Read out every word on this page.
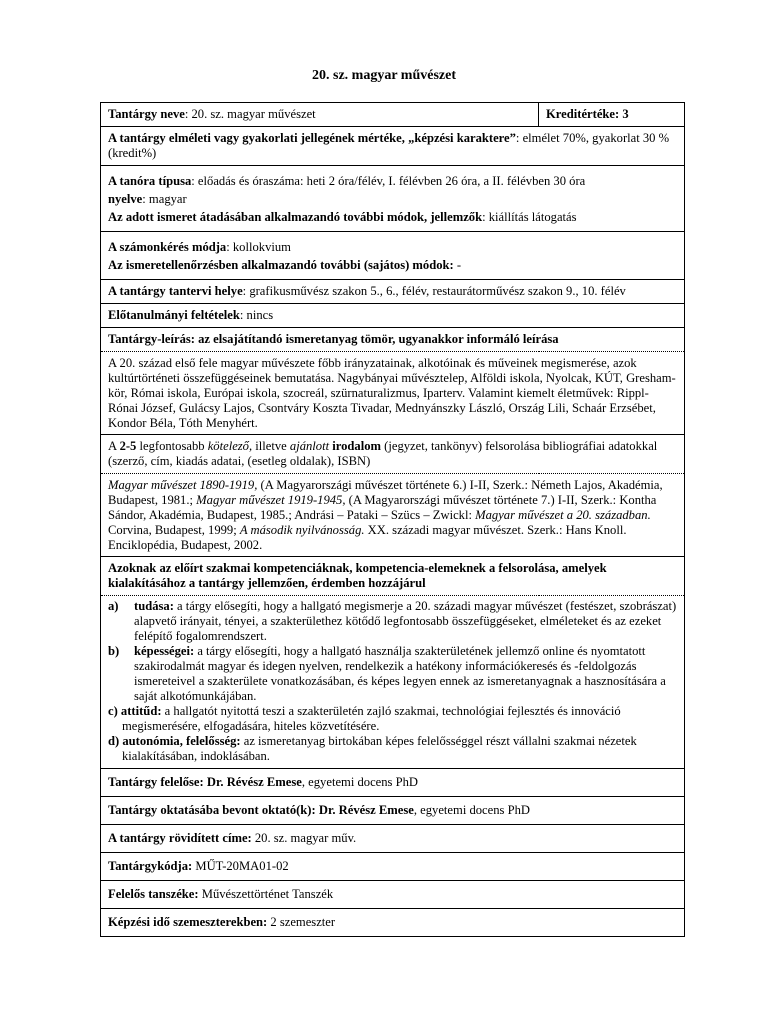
20. sz. magyar művészet
Tantárgy neve: 20. sz. magyar művészet	Kreditértéke: 3
A tantárgy elméleti vagy gyakorlati jellegének mértéke, „képzési karaktere”: elmélet 70%, gyakorlat 30 % (kredit%)

A tanóra típusa: előadás és óraszáma: heti 2 óra/félév, I. félévben 26 óra, a II. félévben 30 óra
nyelve: magyar
Az adott ismeret átadásában alkalmazandó további módok, jellemzők: kiállítás látogatás

A számonkérés módja: kollokvium
Az ismeretellenőrzésben alkalmazandó további (sajátos) módok: -

A tantárgy tantervi helye: grafikusművész szakon 5., 6., félév, restaurátorművész szakon 9., 10. félév
Előtanulmányi feltételek: nincs
Tantárgy-leírás: az elsajátítandó ismeretanyag tömör, ugyanakkor informáló leírása
A 20. század első fele magyar művészete főbb irányzatainak, alkotóinak és műveinek megismerése, azok kultúrtörténeti összefüggéseinek bemutatása. Nagybányai művésztelep, Alföldi iskola, Nyolcak, KÚT, Gresham-kör, Római iskola, Európai iskola, szocreál, szürnaturalizmus, Iparterv. Valamint kiemelt életművek: Rippl-Rónai József, Gulácsy Lajos, Csontváry Koszta Tivadar, Mednyánszky László, Ország Lili, Schaár Erzsébet, Kondor Béla, Tóth Menyhért.
A 2-5 legfontosabb kötelező, illetve ajánlott irodalom (jegyzet, tankönyv) felsorolása bibliográfiai adatokkal (szerző, cím, kiadás adatai, (esetleg oldalak), ISBN)
Magyar művészet 1890-1919, (A Magyarországi művészet története 6.) I-II, Szerk.: Németh Lajos, Akadémia, Budapest, 1981.; Magyar művészet 1919-1945, (A Magyarországi művészet története 7.) I-II, Szerk.: Kontha Sándor, Akadémia, Budapest, 1985.; Andrási – Pataki – Szücs – Zwickl: Magyar művészet a 20. században. Corvina, Budapest, 1999; A második nyilvánosság. XX. századi magyar művészet. Szerk.: Hans Knoll. Enciklopédia, Budapest, 2002.
Azoknak az előírt szakmai kompetenciáknak, kompetencia-elemeknek a felsorolása, amelyek kialakításához a tantárgy jellemzően, érdemben hozzájárul

a)	tudása: a tárgy elősegíti, hogy a hallgató megismerje a 20. századi magyar művészet (festészet, szobrászat) alapvető irányait, tényei, a szakterülethez kötődő legfontosabb összefüggéseket, elméleteket és az ezeket felépítő fogalomrendszert.
b)	képességei: a tárgy elősegíti, hogy a hallgató használja szakterületének jellemző online és nyomtatott szakirodalmát magyar és idegen nyelven, rendelkezik a hatékony információkeresés és -feldolgozás ismereteivel a szakterülete vonatkozásában, és képes legyen ennek az ismeretanyagnak a hasznosítására a saját alkotómunkájában.
c) attitűd: a hallgatót nyitottá teszi a szakterületén zajló szakmai, technológiai fejlesztés és innováció megismerésére, elfogadására, hiteles közvetítésére.
d) autonómia, felelősség: az ismeretanyag birtokában képes felelősséggel részt vállalni szakmai nézetek kialakításában, indoklásában.

Tantárgy felelőse: Dr. Révész Emese, egyetemi docens PhD
Tantárgy oktatásába bevont oktató(k): Dr. Révész Emese, egyetemi docens PhD
A tantárgy rövidített címe: 20. sz. magyar műv.
Tantárgykódja: MŰT-20MA01-02
Felelős tanszéke: Művészettörténet Tanszék
Képzési idő szemeszterekben: 2 szemeszter
